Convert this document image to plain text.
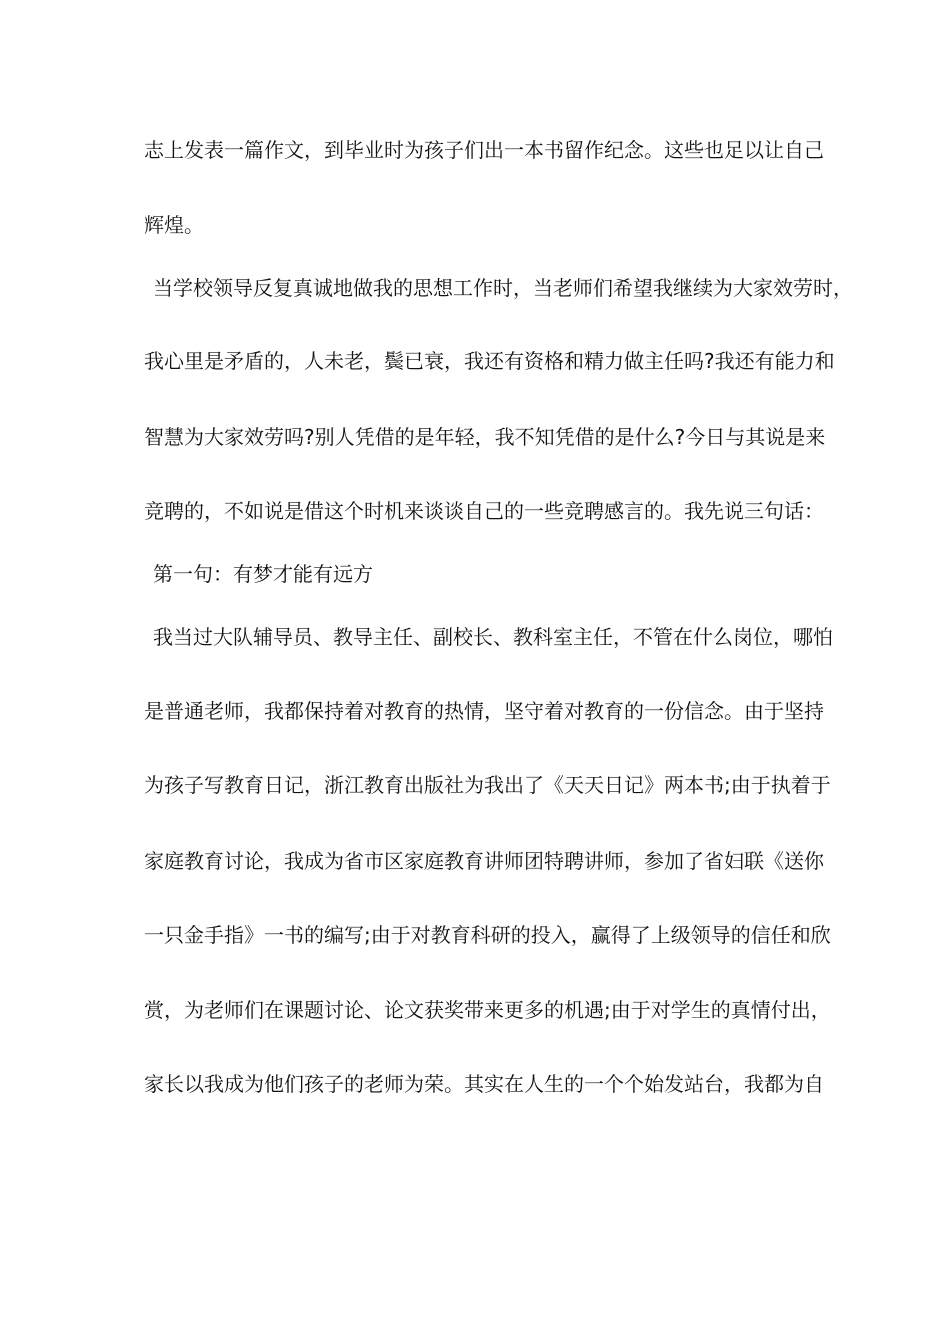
志上发表一篇作文，到毕业时为孩子们出一本书留作纪念。这些也足以让自己
辉煌。
当学校领导反复真诚地做我的思想工作时，当老师们希望我继续为大家效劳时，
我心里是矛盾的，人未老，鬓已衰，我还有资格和精力做主任吗?我还有能力和
智慧为大家效劳吗?别人凭借的是年轻，我不知凭借的是什么?今日与其说是来
竞聘的，不如说是借这个时机来谈谈自己的一些竞聘感言的。我先说三句话：
第一句：有梦才能有远方
我当过大队辅导员、教导主任、副校长、教科室主任，不管在什么岗位，哪怕
是普通老师，我都保持着对教育的热情，坚守着对教育的一份信念。由于坚持
为孩子写教育日记，浙江教育出版社为我出了《天天日记》两本书;由于执着于
家庭教育讨论，我成为省市区家庭教育讲师团特聘讲师，参加了省妇联《送你
一只金手指》一书的编写;由于对教育科研的投入，赢得了上级领导的信任和欣
赏，为老师们在课题讨论、论文获奖带来更多的机遇;由于对学生的真情付出，
家长以我成为他们孩子的老师为荣。其实在人生的一个个始发站台，我都为自
